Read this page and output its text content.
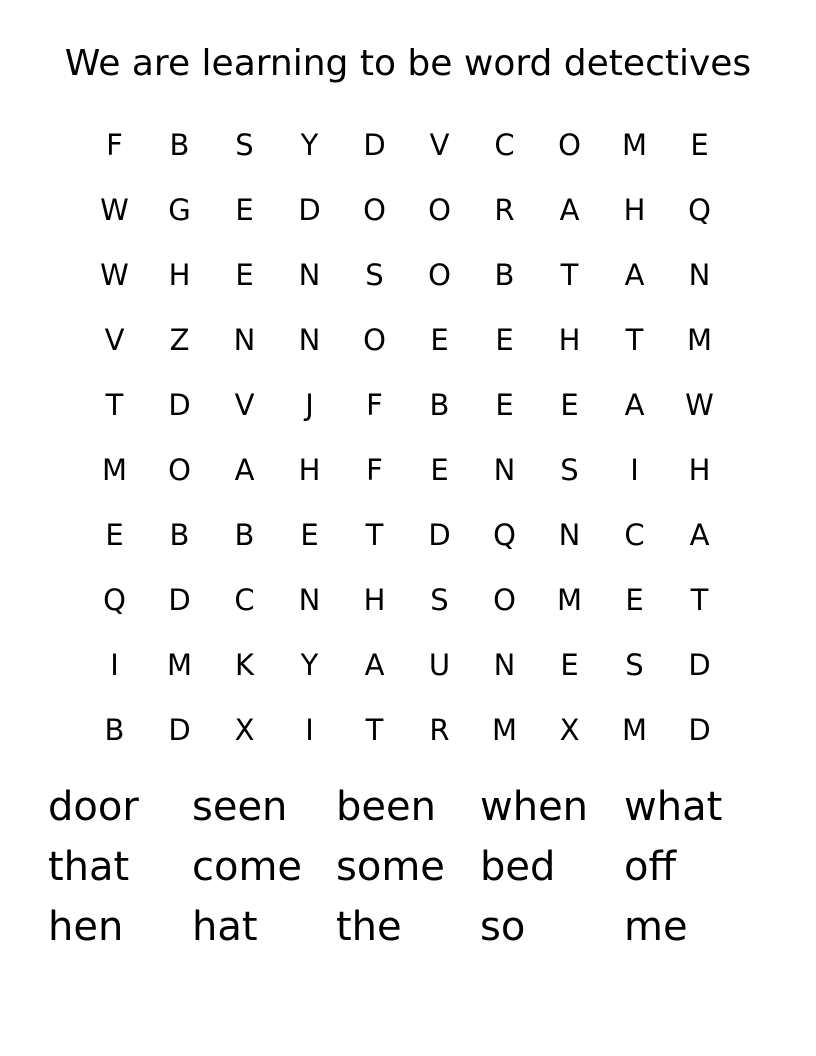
We are learning to be word detectives
F	B	S	Y	D	V	C	O	M	E
W	G	E	D	O	O	R	A	H	Q
W	H	E	N	S	O	B	T	A	N
V	Z	N	N	O	E	E	H	T	M
T	D	V	J	F	B	E	E	A	W
M	O	A	H	F	E	N	S	I	H
E	B	B	E	T	D	Q	N	C	A
Q	D	C	N	H	S	O	M	E	T
I	M	K	Y	A	U	N	E	S	D
B	D	X	I	T	R	M	X	M	D
door	seen	been	when what
that	come some bed	off
hen	hat	the	so	me
